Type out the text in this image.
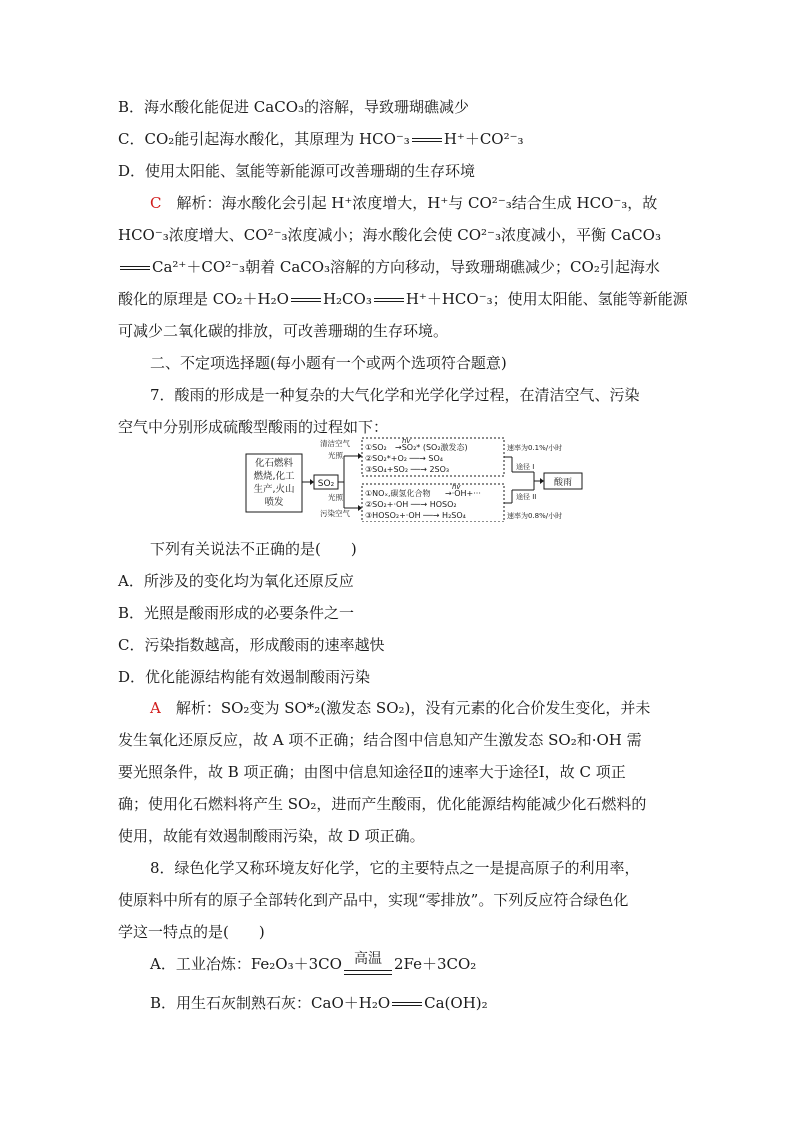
B．海水酸化能促进 CaCO₃的溶解，导致珊瑚礁减少
C．CO₂能引起海水酸化，其原理为 HCO⁻₃ H⁺＋CO²⁻₃
D．使用太阳能、氢能等新能源可改善珊瑚的生存环境
C　 解析：海水酸化会引起 H⁺浓度增大，H⁺与 CO²⁻₃结合生成 HCO⁻₃，故
HCO⁻₃浓度增大、CO²⁻₃浓度减小；海水酸化会使 CO²⁻₃浓度减小，平衡 CaCO₃
Ca²⁺＋CO²⁻₃朝着 CaCO₃溶解的方向移动，导致珊瑚礁减少；CO₂引起海水
酸化的原理是 CO₂＋H₂O H₂CO₃ H⁺＋HCO⁻₃；使用太阳能、氢能等新能源
可减少二氧化碳的排放，可改善珊瑚的生存环境。
二、不定项选择题(每小题有一个或两个选项符合题意)
7．酸雨的形成是一种复杂的大气化学和光学化学过程，在清洁空气、污染
空气中分别形成硫酸型酸雨的过程如下：
化石燃料
燃烧,化工
生产,火山
喷发
SO₂
清洁空气
光照
光照
污染空气
hv
①SO₂ →SO₂* (SO₂激发态)
②SO₂*+O₂ ──→ SO₄
③SO₄+SO₂ ──→ 2SO₃
hv
①NOₓ,碳氢化合物 →·OH+···
②SO₂+·OH ──→ HOSO₂
③HOSO₂+·OH ──→ H₂SO₄
速率为0.1%/小时
途径 I
途径 II
速率为0.8%/小时
酸雨
下列有关说法不正确的是(　　)
A．所涉及的变化均为氧化还原反应
B．光照是酸雨形成的必要条件之一
C．污染指数越高，形成酸雨的速率越快
D．优化能源结构能有效遏制酸雨污染
A　 解析：SO₂变为 SO*₂(激发态 SO₂)，没有元素的化合价发生变化，并未
发生氧化还原反应，故 A 项不正确；结合图中信息知产生激发态 SO₂和·OH 需
要光照条件，故 B 项正确；由图中信息知途径Ⅱ的速率大于途径Ⅰ，故 C 项正
确；使用化石燃料将产生 SO₂，进而产生酸雨，优化能源结构能减少化石燃料的
使用，故能有效遏制酸雨污染，故 D 项正确。
8．绿色化学又称环境友好化学，它的主要特点之一是提高原子的利用率，
使原料中所有的原子全部转化到产品中，实现“零排放”。下列反应符合绿色化
学这一特点的是(　　)
A．工业冶炼：Fe₂O₃＋3CO 高温 2Fe＋3CO₂
B．用生石灰制熟石灰：CaO＋H₂O Ca(OH)₂
